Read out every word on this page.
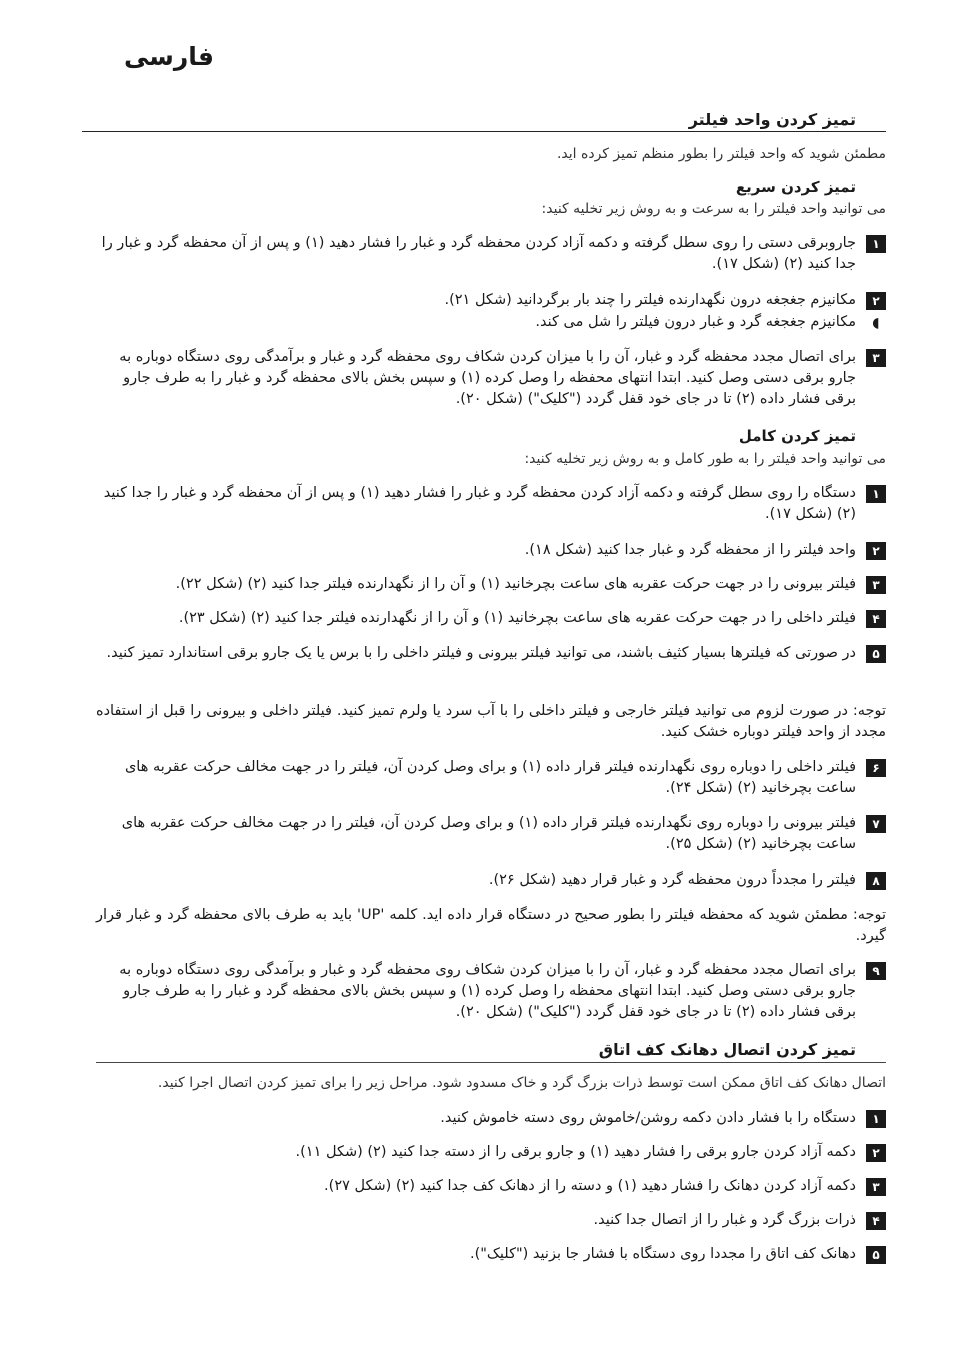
فارسی
تمیز کردن واحد فیلتر
مطمئن شوید که واحد فیلتر را بطور منظم تمیز کرده اید.
تمیز کردن سریع
می توانید واحد فیلتر را به سرعت و به روش زیر تخلیه کنید:
۱
جاروبرقی دستی را روی سطل گرفته و دکمه آزاد کردن محفظه گرد و غبار را فشار دهید (۱) و پس از آن محفظه گرد و غبار را جدا کنید (۲) (شکل ۱۷).
۲
مکانیزم جغجغه درون نگهدارنده فیلتر را چند بار برگردانید (شکل ۲۱).
◖
مکانیزم جغجغه گرد و غبار درون فیلتر را شل می کند.
۳
برای اتصال مجدد محفظه گرد و غبار، آن را با میزان کردن شکاف روی محفظه گرد و غبار و برآمدگی روی دستگاه دوباره به جارو برقی دستی وصل کنید. ابتدا انتهای محفظه را وصل کرده (۱) و سپس بخش بالای محفظه گرد و غبار را به طرف جارو برقی فشار داده (۲) تا در جای خود قفل گردد ("کلیک") (شکل ۲۰).
تمیز کردن کامل
می توانید واحد فیلتر را به طور کامل و به روش زیر تخلیه کنید:
۱
دستگاه را روی سطل گرفته و دکمه آزاد کردن محفظه گرد و غبار را فشار دهید (۱) و پس از آن محفظه گرد و غبار را جدا کنید (۲) (شکل ۱۷).
۲
واحد فیلتر را از محفظه گرد و غبار جدا کنید (شکل ۱۸).
۳
فیلتر بیرونی را در جهت حرکت عقربه های ساعت بچرخانید (۱) و آن را از نگهدارنده فیلتر جدا کنید (۲) (شکل ۲۲).
۴
فیلتر داخلی را در جهت حرکت عقربه های ساعت بچرخانید (۱) و آن را از نگهدارنده فیلتر جدا کنید (۲) (شکل ۲۳).
۵
در صورتی که فیلترها بسیار کثیف باشند، می توانید فیلتر بیرونی و فیلتر داخلی را با برس یا یک جارو برقی استاندارد تمیز کنید.
توجه: در صورت لزوم می توانید فیلتر خارجی و فیلتر داخلی را با آب سرد یا ولرم تمیز کنید. فیلتر داخلی و بیرونی را قبل از استفاده مجدد از واحد فیلتر دوباره خشک کنید.
۶
فیلتر داخلی را دوباره روی نگهدارنده فیلتر قرار داده (۱) و برای وصل کردن آن، فیلتر را در جهت مخالف حرکت عقربه های ساعت بچرخانید (۲) (شکل ۲۴).
۷
فیلتر بیرونی را دوباره روی نگهدارنده فیلتر قرار داده (۱) و برای وصل کردن آن، فیلتر را در جهت مخالف حرکت عقربه های ساعت بچرخانید (۲) (شکل ۲۵).
۸
فیلتر را مجدداً درون محفظه گرد و غبار قرار دهید (شکل ۲۶).
توجه: مطمئن شوید که محفظه فیلتر را بطور صحیح در دستگاه قرار داده اید. کلمه 'UP' باید به طرف بالای محفظه گرد و غبار قرار گیرد.
۹
برای اتصال مجدد محفظه گرد و غبار، آن را با میزان کردن شکاف روی محفظه گرد و غبار و برآمدگی روی دستگاه دوباره به جارو برقی دستی وصل کنید. ابتدا انتهای محفظه را وصل کرده (۱) و سپس بخش بالای محفظه گرد و غبار را به طرف جارو برقی فشار داده (۲) تا در جای خود قفل گردد ("کلیک") (شکل ۲۰).
تمیز کردن اتصال دهانک کف اتاق
اتصال دهانک کف اتاق ممکن است توسط ذرات بزرگ گرد و خاک مسدود شود. مراحل زیر را برای تمیز کردن اتصال اجرا کنید.
۱
دستگاه را با فشار دادن دکمه روشن/خاموش روی دسته خاموش کنید.
۲
دکمه آزاد کردن جارو برقی را فشار دهید (۱) و جارو برقی را از دسته جدا کنید (۲) (شکل ۱۱).
۳
دکمه آزاد کردن دهانک را فشار دهید (۱) و دسته را از دهانک کف جدا کنید (۲) (شکل ۲۷).
۴
ذرات بزرگ گرد و غبار را از اتصال جدا کنید.
۵
دهانک کف اتاق را مجددا روی دستگاه با فشار جا بزنید ("کلیک").
